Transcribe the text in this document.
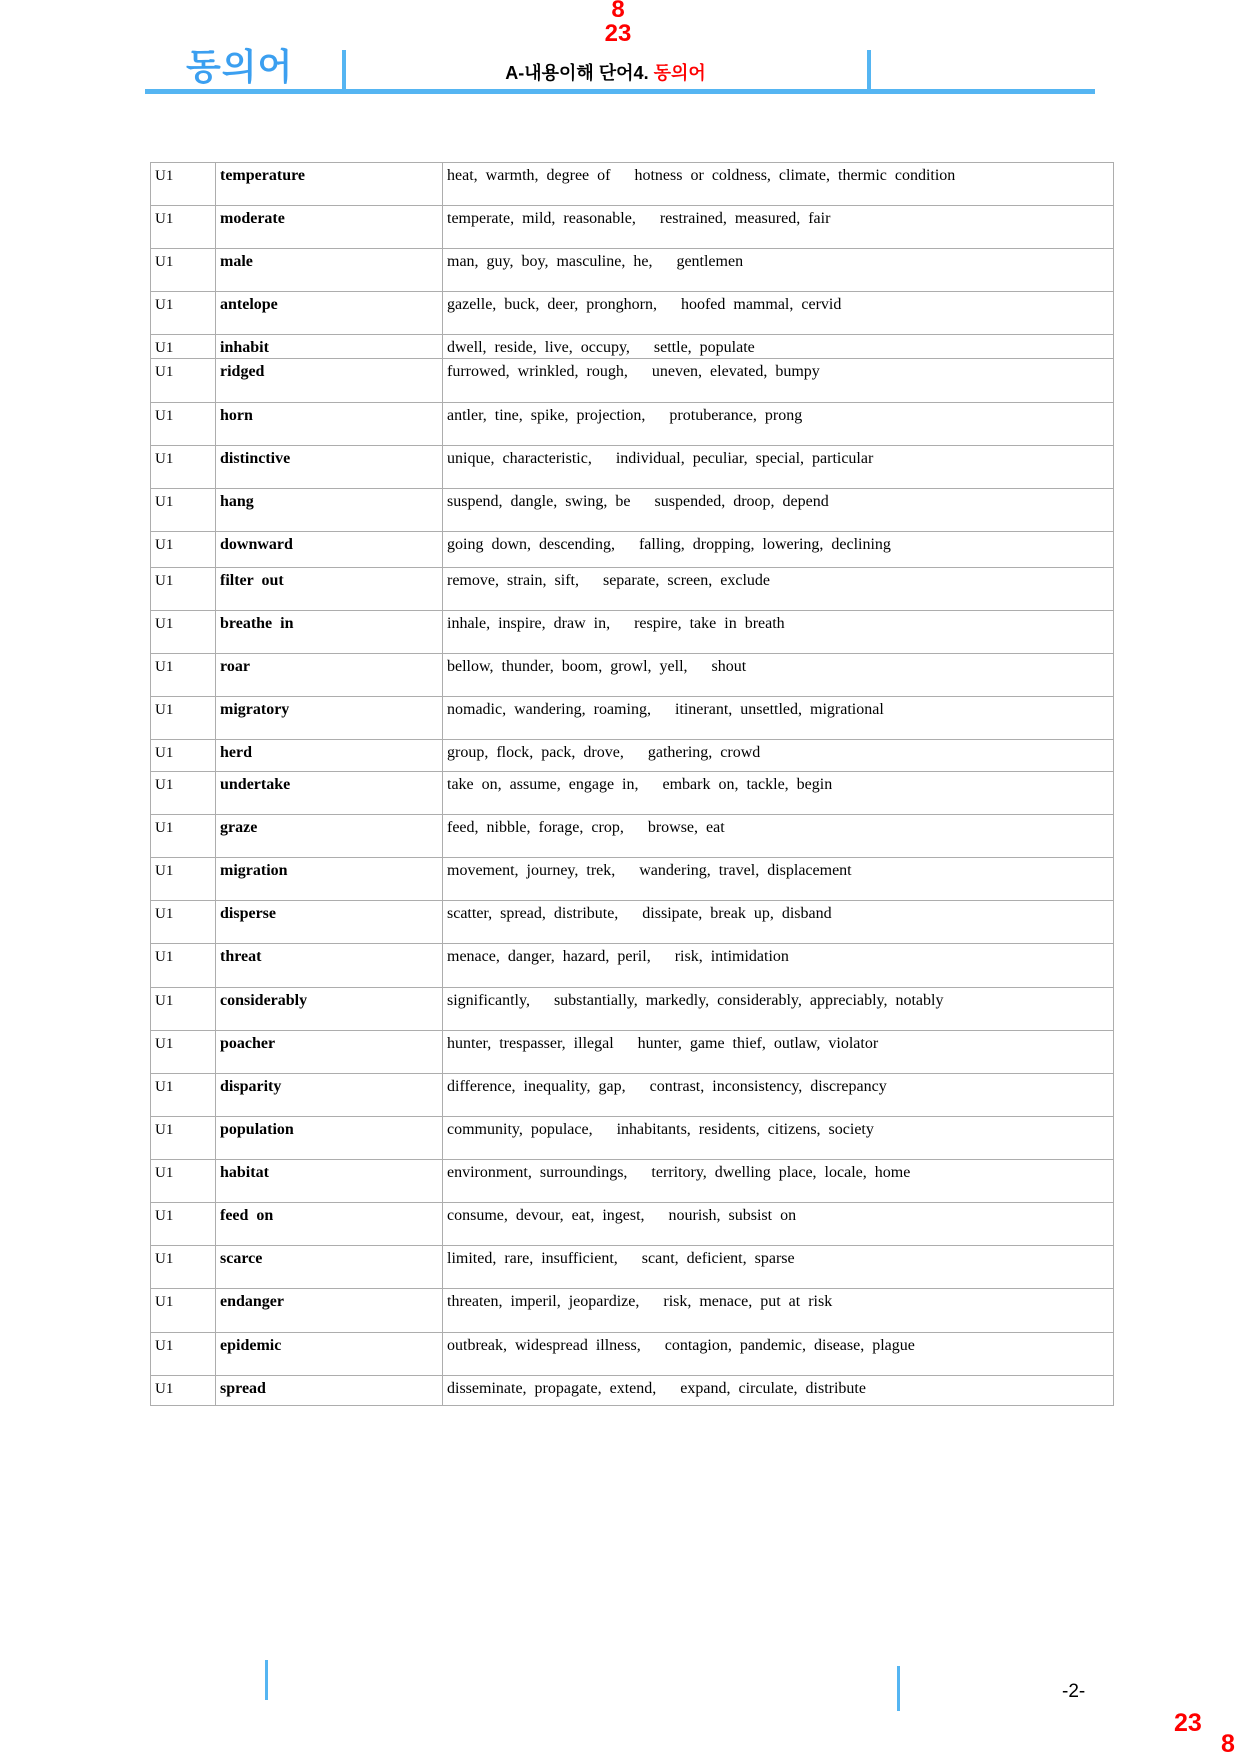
8
23
동의어	A-내용이해 단어4. 동의어
U1	temperature	heat, warmth, degree of   hotness or coldness, climate, thermic condition
U1	moderate	temperate, mild, reasonable,   restrained, measured, fair
U1	male	man, guy, boy, masculine, he,   gentlemen
U1	antelope	gazelle, buck, deer, pronghorn,   hoofed mammal, cervid
U1	inhabit	dwell, reside, live, occupy,   settle, populate
U1	ridged	furrowed, wrinkled, rough,   uneven, elevated, bumpy
U1	horn	antler, tine, spike, projection,   protuberance, prong
U1	distinctive	unique, characteristic,   individual, peculiar, special, particular
U1	hang	suspend, dangle, swing, be   suspended, droop, depend
U1	downward	going down, descending,   falling, dropping, lowering, declining
U1	filter out	remove, strain, sift,   separate, screen, exclude
U1	breathe in	inhale, inspire, draw in,   respire, take in breath
U1	roar	bellow, thunder, boom, growl, yell,   shout
U1	migratory	nomadic, wandering, roaming,   itinerant, unsettled, migrational
U1	herd	group, flock, pack, drove,   gathering, crowd
U1	undertake	take on, assume, engage in,   embark on, tackle, begin
U1	graze	feed, nibble, forage, crop,   browse, eat
U1	migration	movement, journey, trek,   wandering, travel, displacement
U1	disperse	scatter, spread, distribute,   dissipate, break up, disband
U1	threat	menace, danger, hazard, peril,   risk, intimidation
U1	considerably	significantly,   substantially, markedly, considerably, appreciably, notably
U1	poacher	hunter, trespasser, illegal   hunter, game thief, outlaw, violator
U1	disparity	difference, inequality, gap,   contrast, inconsistency, discrepancy
U1	population	community, populace,   inhabitants, residents, citizens, society
U1	habitat	environment, surroundings,   territory, dwelling place, locale, home
U1	feed on	consume, devour, eat, ingest,   nourish, subsist on
U1	scarce	limited, rare, insufficient,   scant, deficient, sparse
U1	endanger	threaten, imperil, jeopardize,   risk, menace, put at risk
U1	epidemic	outbreak, widespread illness,   contagion, pandemic, disease, plague
U1	spread	disseminate, propagate, extend,   expand, circulate, distribute
-2-
23
8
